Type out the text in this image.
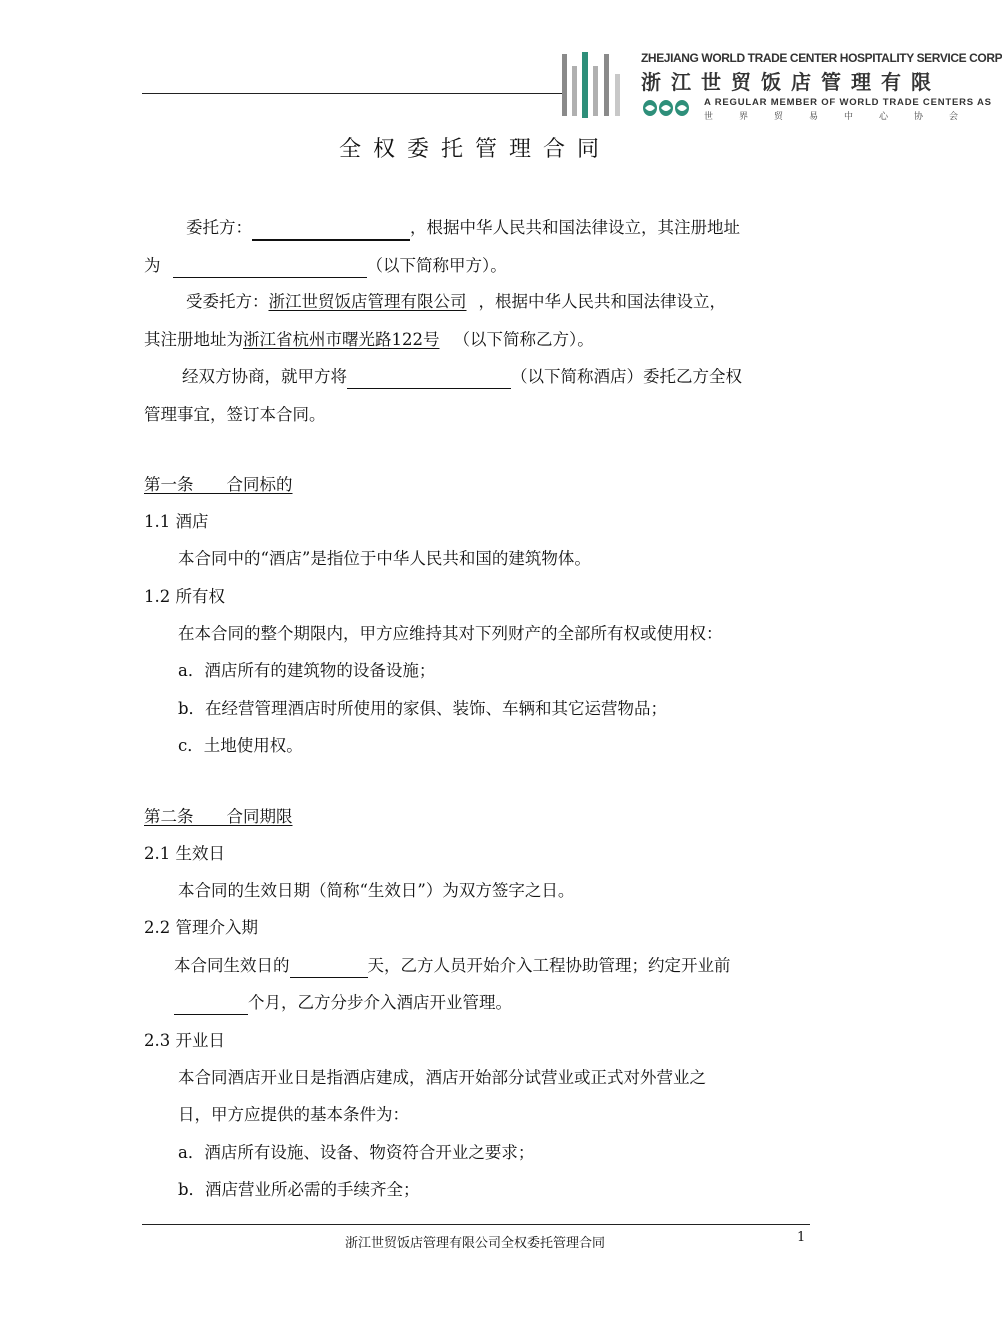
ZHEJIANG WORLD TRADE CENTER HOSPITALITY SERVICE CORP
浙江世贸饭店管理有限
A REGULAR MEMBER OF WORLD TRADE CENTERS AS
世界贸易中心协会
全权委托管理合同
委托方：	，根据中华人民共和国法律设立，其注册地址
为	（以下简称甲方）。
受委托方：浙江世贸饭店管理有限公司 ，根据中华人民共和国法律设立，
其注册地址为浙江省杭州市曙光路122号 （以下简称乙方）。
经双方协商，就甲方将	（以下简称酒店）委托乙方全权
管理事宜，签订本合同。
第一条　　合同标的
1.1 酒店
本合同中的“酒店”是指位于中华人民共和国的建筑物体。
1.2 所有权
在本合同的整个期限内，甲方应维持其对下列财产的全部所有权或使用权：
a．酒店所有的建筑物的设备设施；
b．在经营管理酒店时所使用的家俱、装饰、车辆和其它运营物品；
c．土地使用权。
第二条　　合同期限
2.1 生效日
本合同的生效日期（简称“生效日”）为双方签字之日。
2.2 管理介入期
本合同生效日的	天，乙方人员开始介入工程协助管理；约定开业前
个月，乙方分步介入酒店开业管理。
2.3 开业日
本合同酒店开业日是指酒店建成，酒店开始部分试营业或正式对外营业之
日，甲方应提供的基本条件为：
a．酒店所有设施、设备、物资符合开业之要求；
b．酒店营业所必需的手续齐全；
浙江世贸饭店管理有限公司全权委托管理合同	1
